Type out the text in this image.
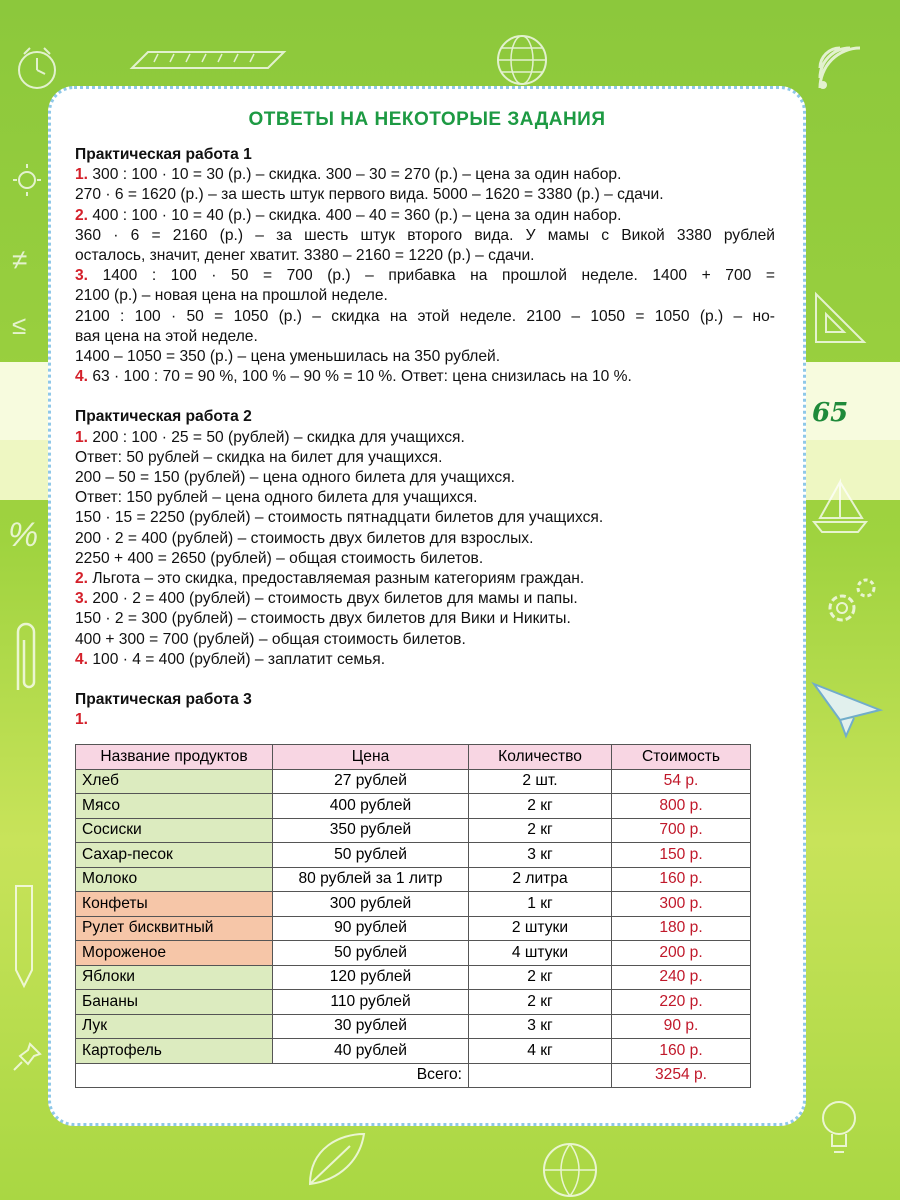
≠
≤
%
65
ОТВЕТЫ НА НЕКОТОРЫЕ ЗАДАНИЯ
Практическая работа 1
1. 300 : 100 · 10 = 30 (р.) – скидка. 300 – 30 = 270 (р.) – цена за один набор.
270 · 6 = 1620 (р.) – за шесть штук первого вида. 5000 – 1620 = 3380 (р.) – сдачи.
2. 400 : 100 · 10 = 40 (р.) – скидка. 400 – 40 = 360 (р.) – цена за один набор.
360 · 6 = 2160 (р.) – за шесть штук второго вида. У мамы с Викой 3380 рублей
осталось, значит, денег хватит. 3380 – 2160 = 1220 (р.) – сдачи.
3. 1400 : 100 · 50 = 700 (р.) – прибавка на прошлой неделе. 1400 + 700 =
2100 (р.) – новая цена на прошлой неделе.
2100 : 100 · 50 = 1050 (р.) – скидка на этой неделе. 2100 – 1050 = 1050 (р.) – но-
вая цена на этой неделе.
1400 – 1050 = 350 (р.) – цена уменьшилась на 350 рублей.
4. 63 · 100 : 70 = 90 %, 100 % – 90 % = 10 %. Ответ: цена снизилась на 10 %.
Практическая работа 2
1. 200 : 100 · 25 = 50 (рублей) – скидка для учащихся.
Ответ: 50 рублей – скидка на билет для учащихся.
200 – 50 = 150 (рублей) – цена одного билета для учащихся.
Ответ: 150 рублей – цена одного билета для учащихся.
150 · 15 = 2250 (рублей) – стоимость пятнадцати билетов для учащихся.
200 · 2 = 400 (рублей) – стоимость двух билетов для взрослых.
2250 + 400 = 2650 (рублей) – общая стоимость билетов.
2. Льгота – это скидка, предоставляемая разным категориям граждан.
3. 200 · 2 = 400 (рублей) – стоимость двух билетов для мамы и папы.
150 · 2 = 300 (рублей) – стоимость двух билетов для Вики и Никиты.
400 + 300 = 700 (рублей) – общая стоимость билетов.
4. 100 · 4 = 400 (рублей) – заплатит семья.
Практическая работа 3
1.
Название продуктов	Цена	Количество	Стоимость
Хлеб	27 рублей	2 шт.	54 р.
Мясо	400 рублей	2 кг	800 р.
Сосиски	350 рублей	2 кг	700 р.
Сахар-песок	50 рублей	3 кг	150 р.
Молоко	80 рублей за 1 литр	2 литра	160 р.
Конфеты	300 рублей	1 кг	300 р.
Рулет бисквитный	90 рублей	2 штуки	180 р.
Мороженое	50 рублей	4 штуки	200 р.
Яблоки	120 рублей	2 кг	240 р.
Бананы	110 рублей	2 кг	220 р.
Лук	30 рублей	3 кг	90 р.
Картофель	40 рублей	4 кг	160 р.
Всего:			3254 р.
